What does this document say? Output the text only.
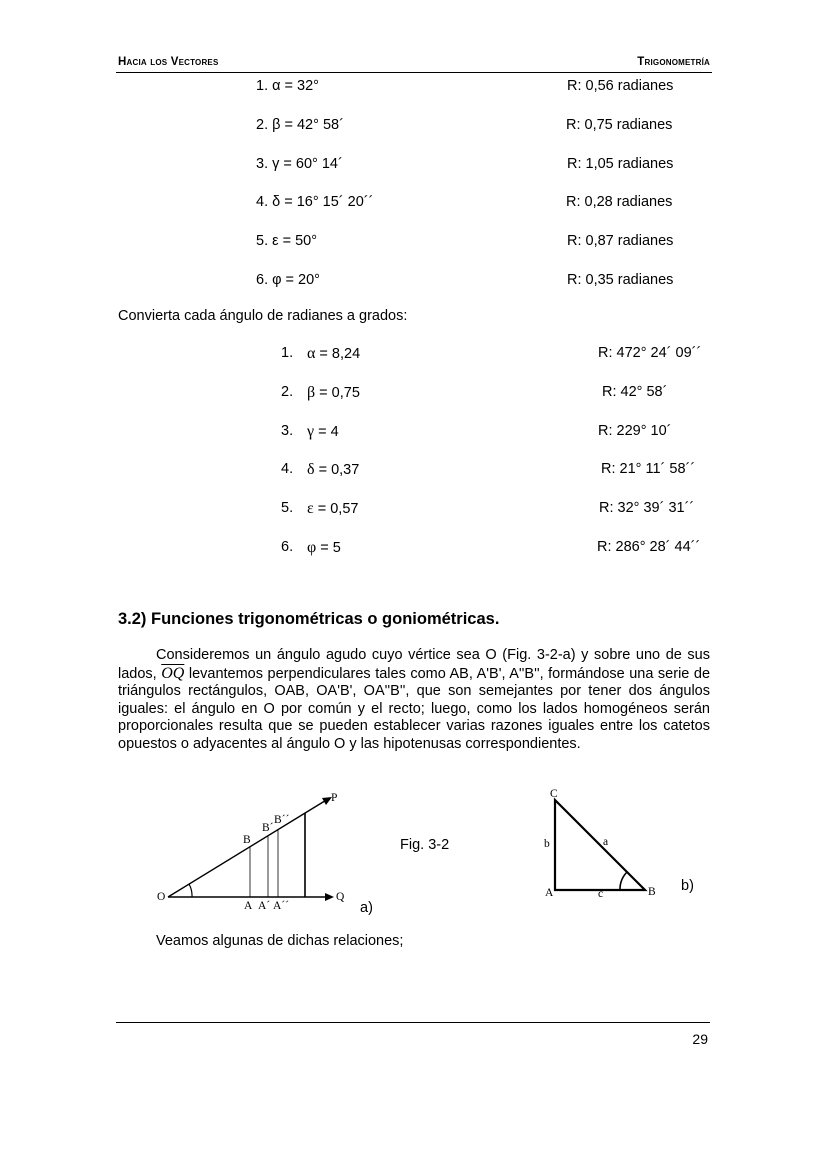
Hacia los Vectores	Trigonometría
1. α = 32°	R: 0,56 radianes
2. β = 42° 58´	R: 0,75 radianes
3. γ = 60° 14´	R: 1,05 radianes
4. δ = 16° 15´ 20´´	R: 0,28 radianes
5. ε = 50°	R: 0,87 radianes
6. φ = 20°	R: 0,35 radianes
Convierta cada ángulo de radianes a grados:
1. α = 8,24	R: 472° 24´ 09´´
2. β = 0,75	R: 42° 58´
3. γ = 4	R: 229° 10´
4. δ = 0,37	R: 21° 11´ 58´´
5. ε = 0,57	R: 32° 39´ 31´´
6. φ = 5	R: 286° 28´ 44´´
3.2) Funciones trigonométricas o goniométricas.
Consideremos un ángulo agudo cuyo vértice sea O (Fig. 3-2-a) y sobre uno de sus lados, $\overline{OQ}$ levantemos perpendiculares tales como AB, A'B', A''B'', formándose una serie de triángulos rectángulos, OAB, OA'B', OA''B'', que son semejantes por tener dos ángulos iguales: el ángulo en O por común y el recto; luego, como los lados homogéneos serán proporcionales resulta que se pueden establecer varias razones iguales entre los catetos opuestos o adyacentes al ángulo O y las hipotenusas correspondientes.
O	Q
P
B
B´
B´´
A A´ A´´	a)
Fig. 3-2
C
A	B
b	a
c	b)
Veamos algunas de dichas relaciones;
29
